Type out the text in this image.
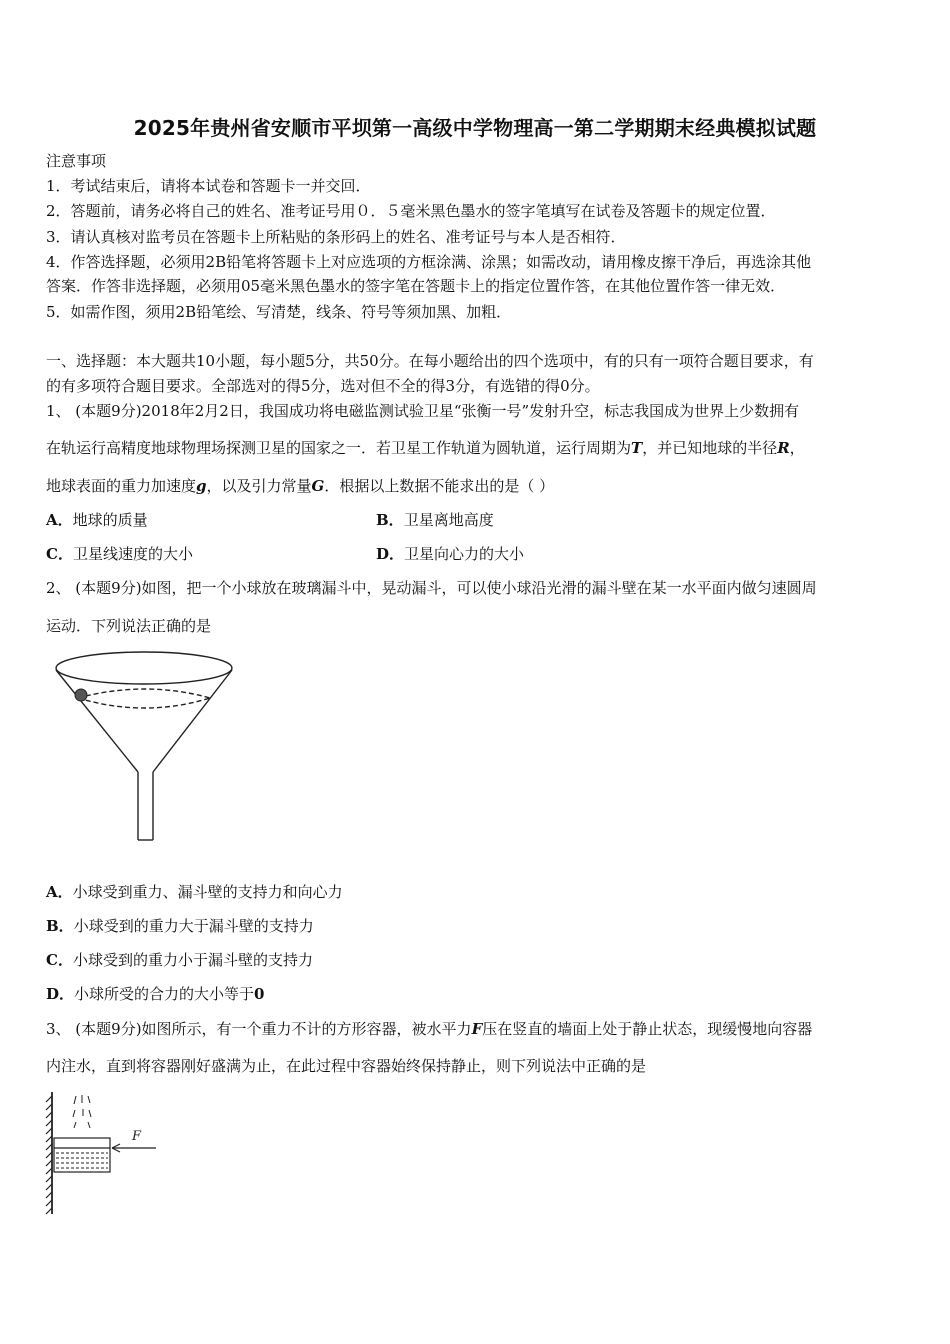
2025年贵州省安顺市平坝第一高级中学物理高一第二学期期末经典模拟试题
注意事项
1．考试结束后，请将本试卷和答题卡一并交回．
2．答题前，请务必将自己的姓名、准考证号用０．５毫米黑色墨水的签字笔填写在试卷及答题卡的规定位置．
3．请认真核对监考员在答题卡上所粘贴的条形码上的姓名、准考证号与本人是否相符．
4．作答选择题，必须用2B铅笔将答题卡上对应选项的方框涂满、涂黑；如需改动，请用橡皮擦干净后，再选涂其他
答案．作答非选择题，必须用05毫米黑色墨水的签字笔在答题卡上的指定位置作答，在其他位置作答一律无效．
5．如需作图，须用2B铅笔绘、写清楚，线条、符号等须加黑、加粗．
一、选择题：本大题共10小题，每小题5分，共50分。在每小题给出的四个选项中，有的只有一项符合题目要求，有
的有多项符合题目要求。全部选对的得5分，选对但不全的得3分，有选错的得0分。
1、 (本题9分)2018年2月2日，我国成功将电磁监测试验卫星“张衡一号”发射升空，标志我国成为世界上少数拥有
在轨运行高精度地球物理场探测卫星的国家之一．若卫星工作轨道为圆轨道，运行周期为T，并已知地球的半径R，
地球表面的重力加速度g，以及引力常量G．根据以上数据不能求出的是（ ）
A．地球的质量	B．卫星离地高度
C．卫星线速度的大小	D．卫星向心力的大小
2、 (本题9分)如图，把一个小球放在玻璃漏斗中，晃动漏斗，可以使小球沿光滑的漏斗壁在某一水平面内做匀速圆周
运动．下列说法正确的是
A．小球受到重力、漏斗壁的支持力和向心力
B．小球受到的重力大于漏斗壁的支持力
C．小球受到的重力小于漏斗壁的支持力
D．小球所受的合力的大小等于0
3、 (本题9分)如图所示，有一个重力不计的方形容器，被水平力F压在竖直的墙面上处于静止状态，现缓慢地向容器
内注水，直到将容器刚好盛满为止，在此过程中容器始终保持静止，则下列说法中正确的是
F
